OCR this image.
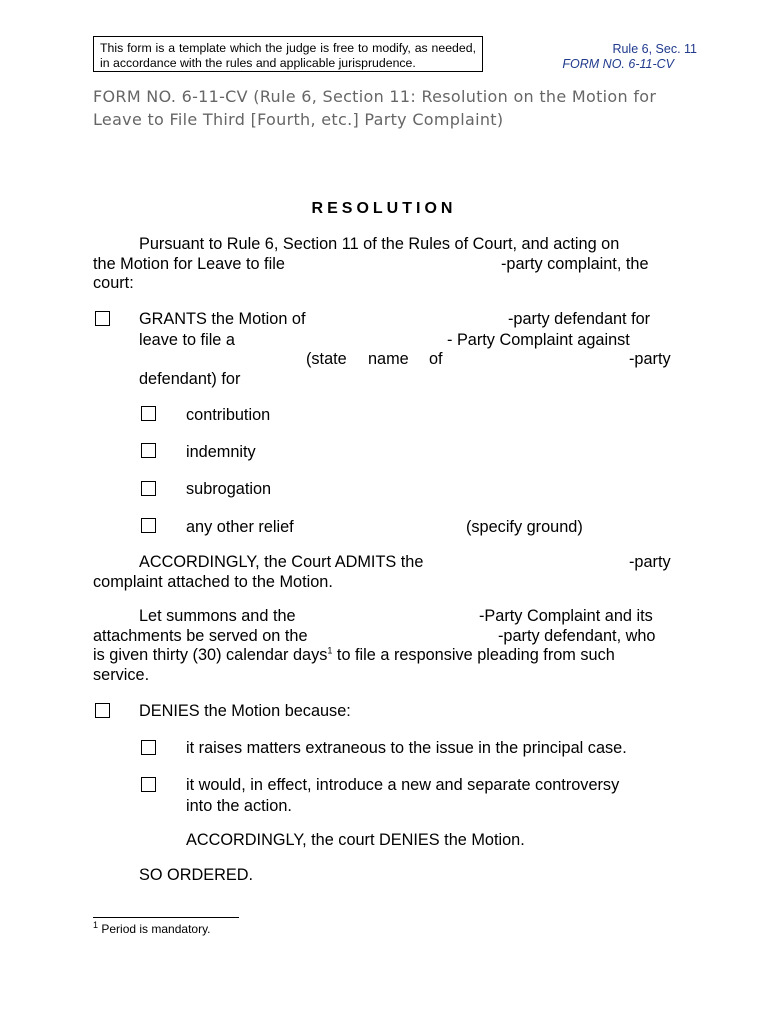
This form is a template which the judge is free to modify, as needed, in accordance with the rules and applicable jurisprudence.
Rule 6, Sec. 11
FORM NO. 6-11-CV
FORM NO. 6-11-CV (Rule 6, Section 11: Resolution on the Motion for Leave to File Third [Fourth, etc.] Party Complaint)
RESOLUTION
Pursuant to Rule 6, Section 11 of the Rules of Court, and acting on
the Motion for Leave to file	-party complaint, the
court:
GRANTS the Motion of	-party defendant for
leave to file a	- Party Complaint against
(state name of	-party
defendant) for
contribution
indemnity
subrogation
any other relief	(specify ground)
ACCORDINGLY, the Court ADMITS the	-party
complaint attached to the Motion.
Let summons and the	-Party Complaint and its
attachments be served on the	-party defendant, who
is given thirty (30) calendar days$^1$ to file a responsive pleading from such
service.
DENIES the Motion because:
it raises matters extraneous to the issue in the principal case.
it would, in effect, introduce a new and separate controversy
into the action.
ACCORDINGLY, the court DENIES the Motion.
SO ORDERED.
$^1$ Period is mandatory.
